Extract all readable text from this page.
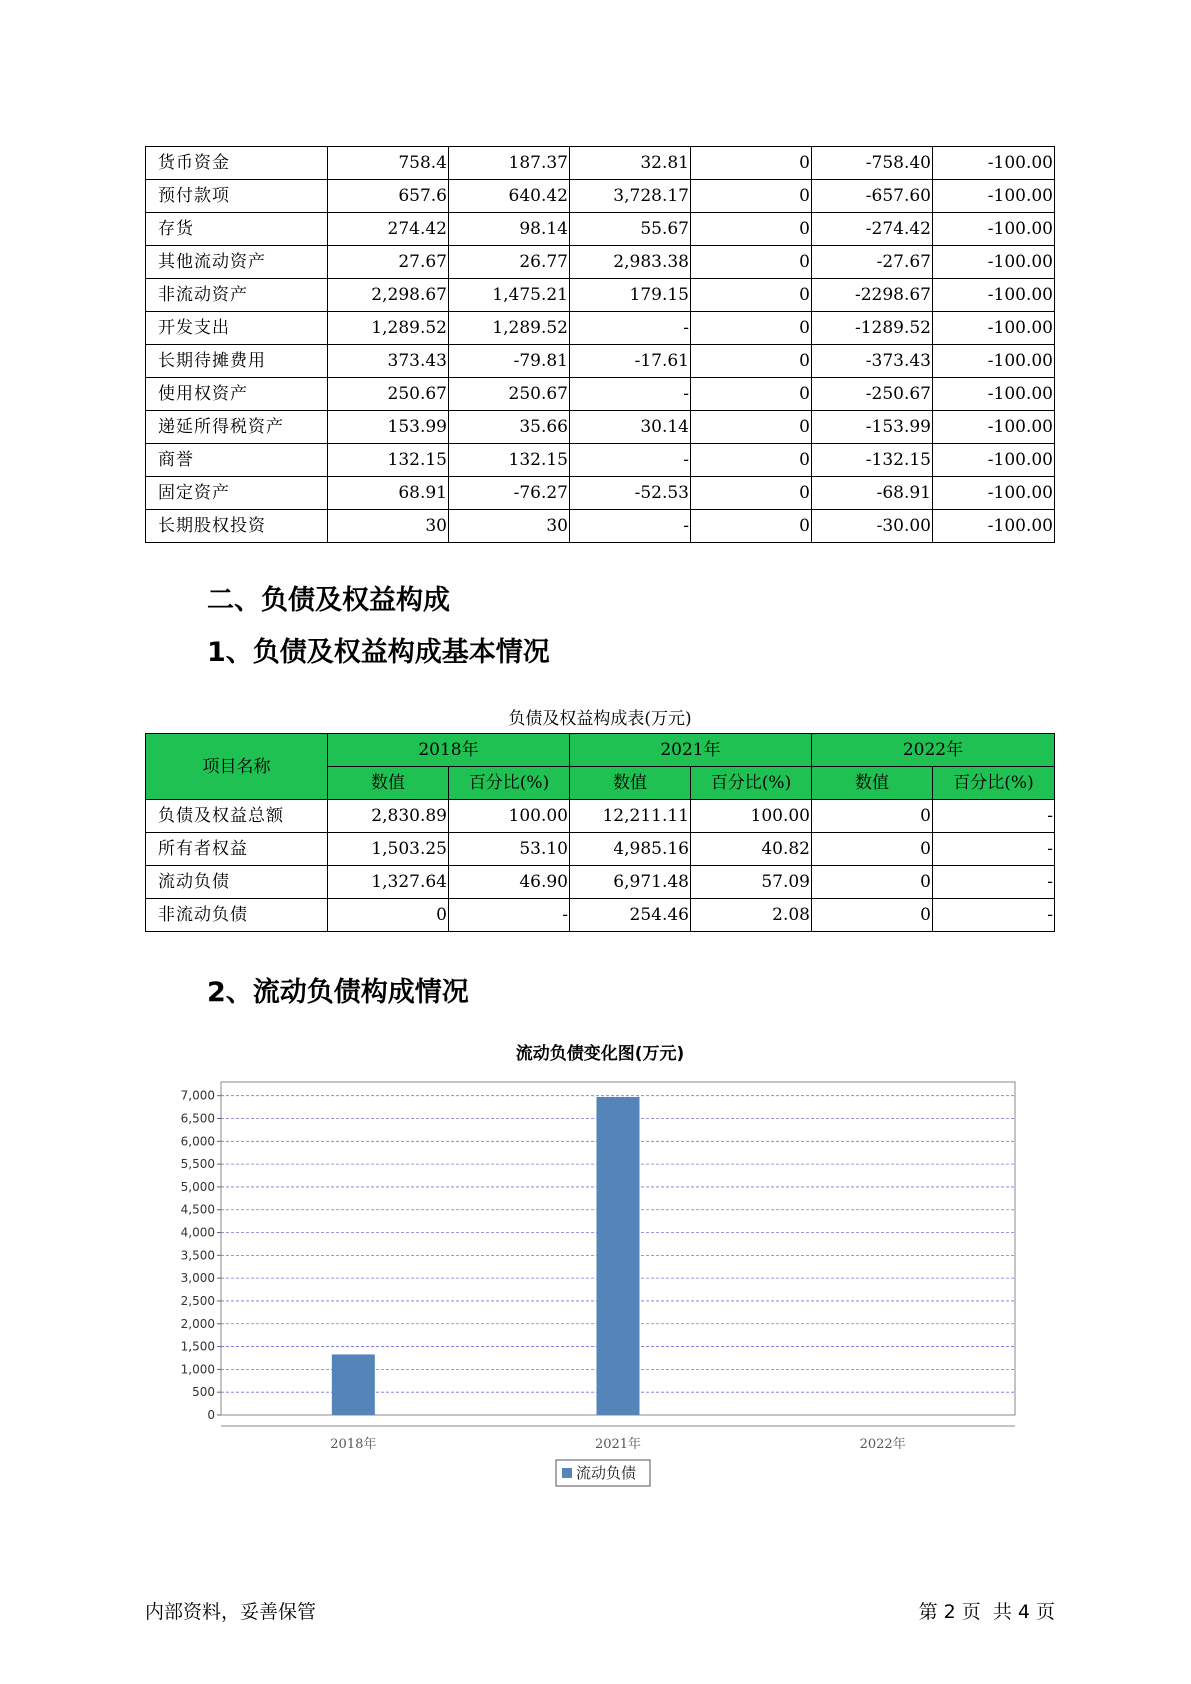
货币资金	758.4	187.37	32.81	0	-758.40	-100.00
预付款项	657.6	640.42	3,728.17	0	-657.60	-100.00
存货	274.42	98.14	55.67	0	-274.42	-100.00
其他流动资产	27.67	26.77	2,983.38	0	-27.67	-100.00
非流动资产	2,298.67	1,475.21	179.15	0	-2298.67	-100.00
开发支出	1,289.52	1,289.52	-	0	-1289.52	-100.00
长期待摊费用	373.43	-79.81	-17.61	0	-373.43	-100.00
使用权资产	250.67	250.67	-	0	-250.67	-100.00
递延所得税资产	153.99	35.66	30.14	0	-153.99	-100.00
商誉	132.15	132.15	-	0	-132.15	-100.00
固定资产	68.91	-76.27	-52.53	0	-68.91	-100.00
长期股权投资	30	30	-	0	-30.00	-100.00
二、负债及权益构成
1、负债及权益构成基本情况
负债及权益构成表(万元)
项目名称	2018年		2021年		2022年	
	数值	百分比(%)	数值	百分比(%)	数值	百分比(%)
负债及权益总额	2,830.89	100.00	12,211.11	100.00	0	-
所有者权益	1,503.25	53.10	4,985.16	40.82	0	-
流动负债	1,327.64	46.90	6,971.48	57.09	0	-
非流动负债	0	-	254.46	2.08	0	-
2、流动负债构成情况
流动负债变化图(万元)
0
500
1,000
1,500
2,000
2,500
3,000
3,500
4,000
4,500
5,000
5,500
6,000
6,500
7,000
2018年	2021年	2022年
流动负债
内部资料，妥善保管	第 2 页  共 4 页
